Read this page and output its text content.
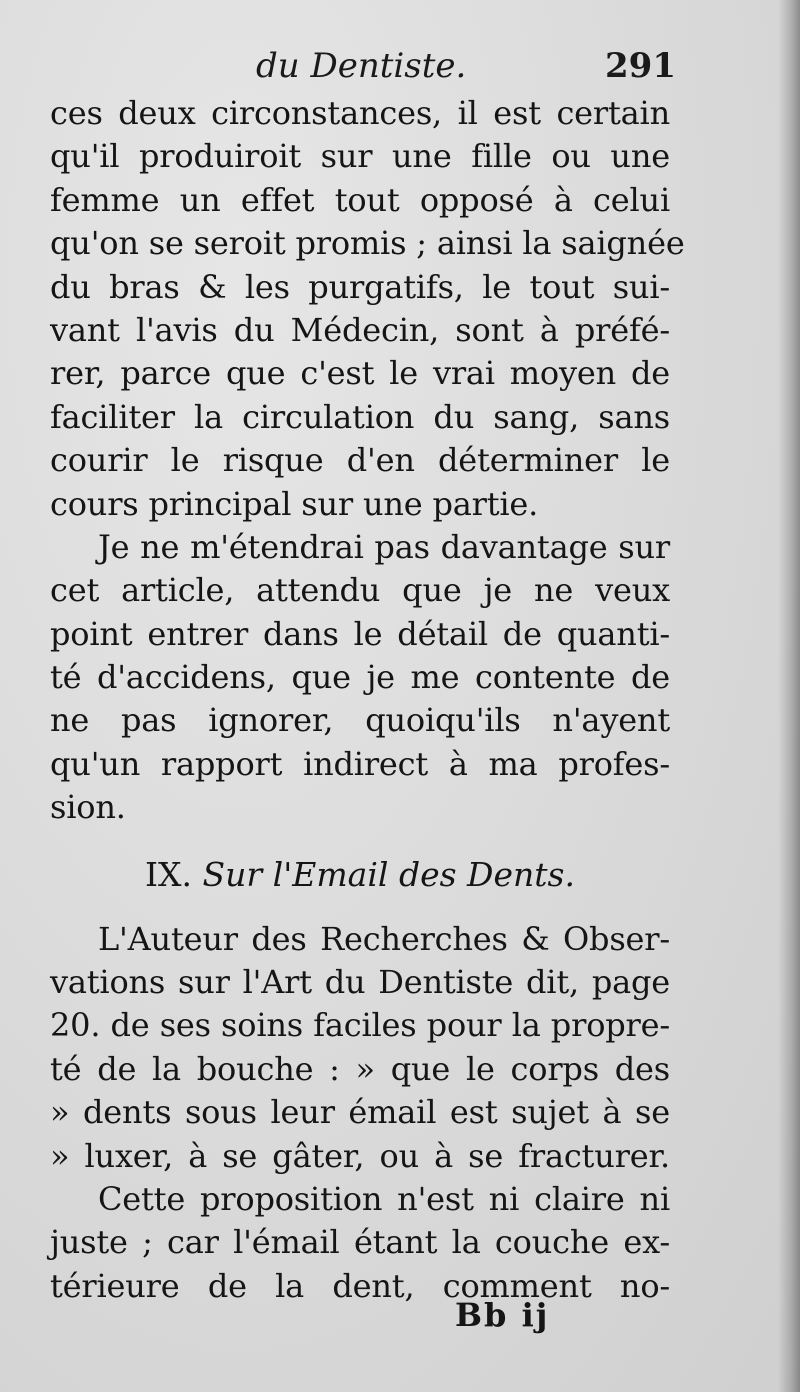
du Dentiste.	291
ces deux circonstances, il est certain
qu'il produiroit sur une fille ou une
femme un effet tout opposé à celui
qu'on se seroit promis ; ainsi la saignée
du bras & les purgatifs, le tout sui-
vant l'avis du Médecin, sont à préfé-
rer, parce que c'est le vrai moyen de
faciliter la circulation du sang, sans
courir le risque d'en déterminer le
cours principal sur une partie.
Je ne m'étendrai pas davantage sur
cet article, attendu que je ne veux
point entrer dans le détail de quanti-
té d'accidens, que je me contente de
ne pas ignorer, quoiqu'ils n'ayent
qu'un rapport indirect à ma profes-
sion.
IX. Sur l'Email des Dents.
L'Auteur des Recherches & Obser-
vations sur l'Art du Dentiste dit, page
20. de ses soins faciles pour la propre-
té de la bouche : » que le corps des
» dents sous leur émail est sujet à se
» luxer, à se gâter, ou à se fracturer.
Cette proposition n'est ni claire ni
juste ; car l'émail étant la couche ex-
térieure de la dent, comment no-
Bb ij
